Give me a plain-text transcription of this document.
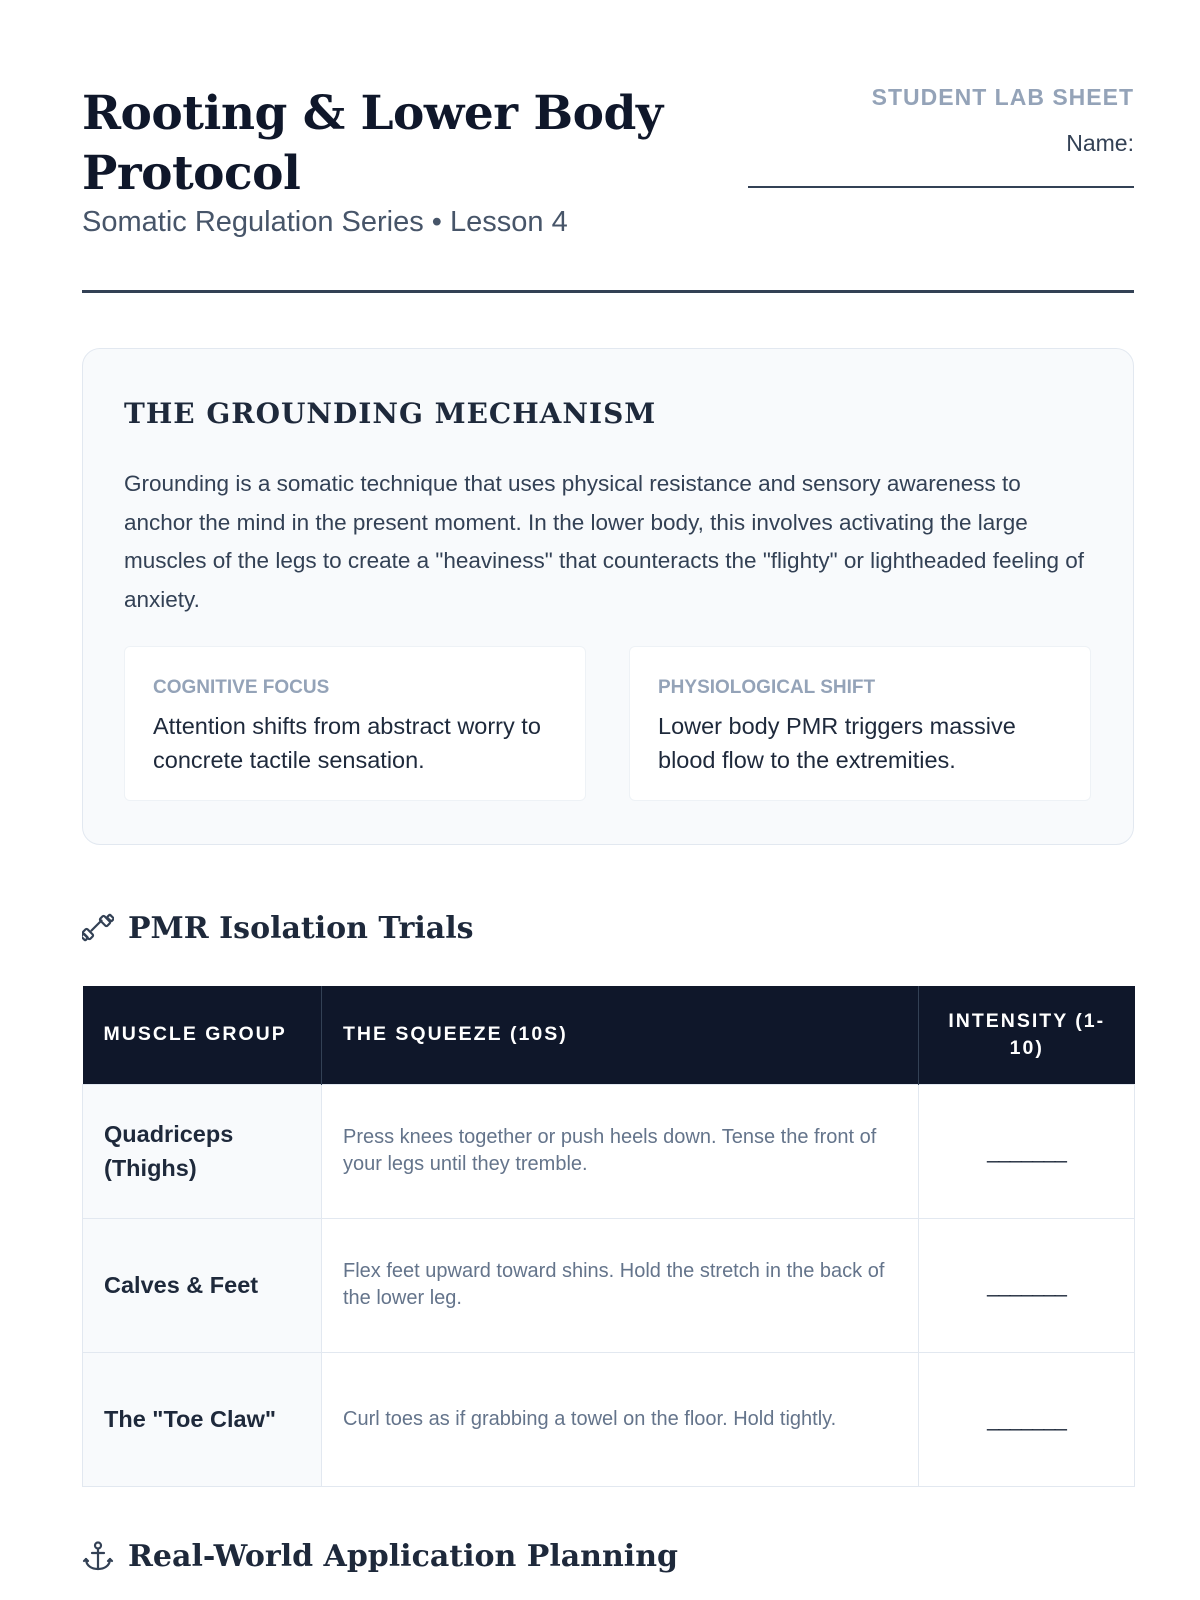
Rooting & Lower Body Protocol
Somatic Regulation Series • Lesson 4
STUDENT LAB SHEET
Name:
THE GROUNDING MECHANISM

Grounding is a somatic technique that uses physical resistance and sensory awareness to anchor the mind in the present moment. In the lower body, this involves activating the large muscles of the legs to create a "heaviness" that counteracts the "flighty" or lightheaded feeling of anxiety.

COGNITIVE FOCUS
Attention shifts from abstract worry to concrete tactile sensation.
PHYSIOLOGICAL SHIFT
Lower body PMR triggers massive blood flow to the extremities.
PMR Isolation Trials
MUSCLE GROUP	THE SQUEEZE (10S)	INTENSITY (1-10)
Quadriceps (Thighs)	Press knees together or push heels down. Tense the front of your legs until they tremble.	_______
Calves & Feet	Flex feet upward toward shins. Hold the stretch in the back of the lower leg.	_______
The "Toe Claw"	Curl toes as if grabbing a towel on the floor. Hold tightly.	_______
Real-World Application Planning
